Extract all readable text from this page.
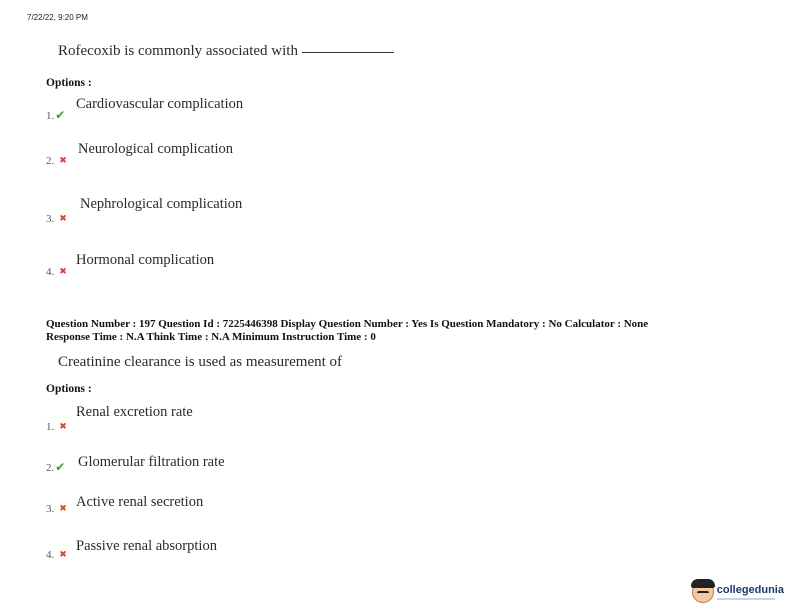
7/22/22, 9:20 PM
Rofecoxib is commonly associated with
Options :
1.✔
Cardiovascular complication
Neurological complication
2. ✖
Nephrological complication
3. ✖
Hormonal complication
4. ✖
Question Number : 197 Question Id : 7225446398 Display Question Number : Yes Is Question Mandatory : No Calculator : None
Response Time : N.A Think Time : N.A Minimum Instruction Time : 0
Creatinine clearance is used as measurement of
Options :
Renal excretion rate
1. ✖
Glomerular filtration rate
2.✔
Active renal secretion
3. ✖
Passive renal absorption
4. ✖
collegedunia
